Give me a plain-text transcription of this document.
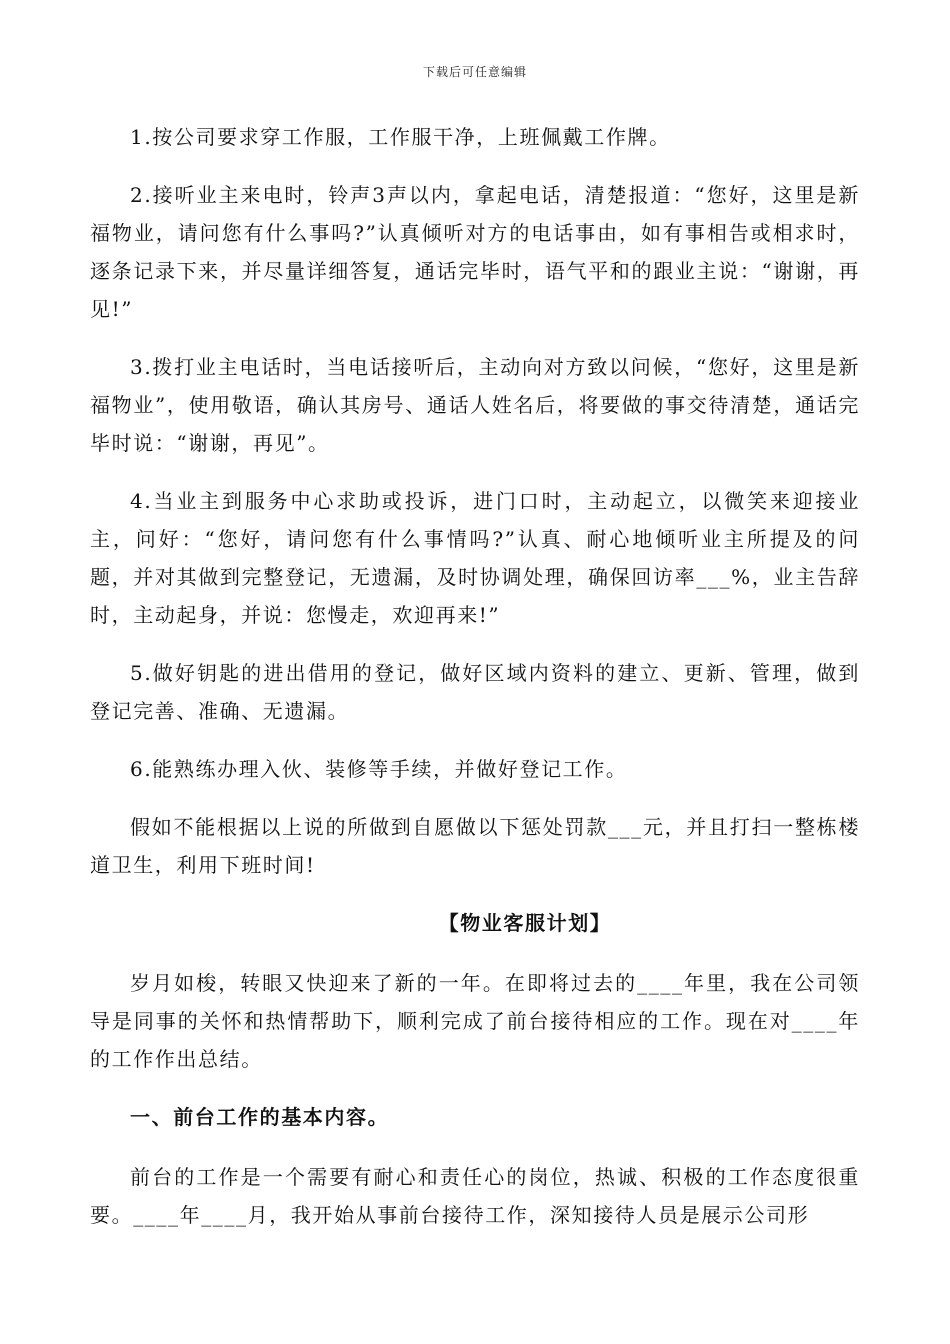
下载后可任意编辑

1.按公司要求穿工作服，工作服干净，上班佩戴工作牌。

2.接听业主来电时，铃声3声以内，拿起电话，清楚报道：“您好，这里是新福物业，请问您有什么事吗?”认真倾听对方的电话事由，如有事相告或相求时，逐条记录下来，并尽量详细答复，通话完毕时，语气平和的跟业主说：“谢谢，再见!”

3.拨打业主电话时，当电话接听后，主动向对方致以问候，“您好，这里是新福物业”，使用敬语，确认其房号、通话人姓名后，将要做的事交待清楚，通话完毕时说：“谢谢，再见”。

4.当业主到服务中心求助或投诉，进门口时，主动起立，以微笑来迎接业主，问好：“您好，请问您有什么事情吗?”认真、耐心地倾听业主所提及的问题，并对其做到完整登记，无遗漏，及时协调处理，确保回访率___%，业主告辞时，主动起身，并说：您慢走，欢迎再来!”

5.做好钥匙的进出借用的登记，做好区域内资料的建立、更新、管理，做到登记完善、准确、无遗漏。

6.能熟练办理入伙、装修等手续，并做好登记工作。

假如不能根据以上说的所做到自愿做以下惩处罚款___元，并且打扫一整栋楼道卫生，利用下班时间!

【物业客服计划】

岁月如梭，转眼又快迎来了新的一年。在即将过去的____年里，我在公司领导是同事的关怀和热情帮助下，顺利完成了前台接待相应的工作。现在对____年的工作作出总结。

一、前台工作的基本内容。

前台的工作是一个需要有耐心和责任心的岗位，热诚、积极的工作态度很重要。____年____月，我开始从事前台接待工作，深知接待人员是展示公司形
